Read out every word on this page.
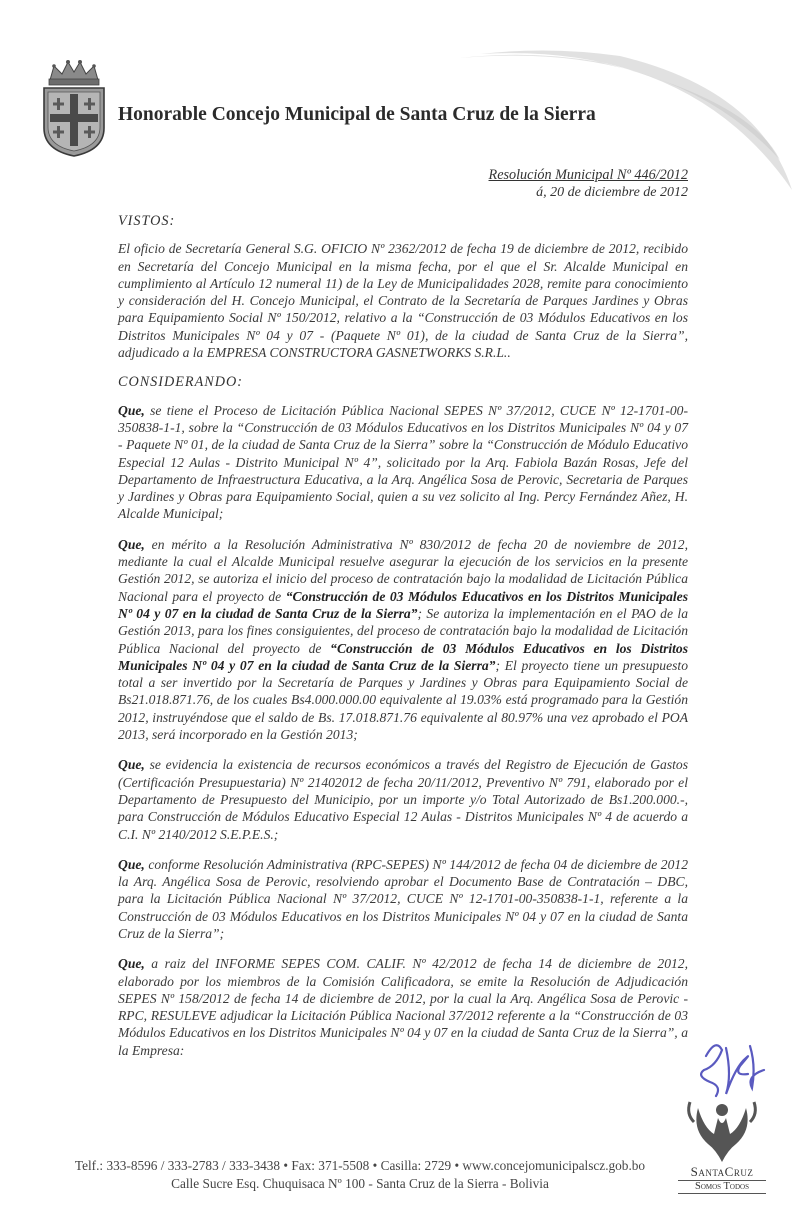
Honorable Concejo Municipal de Santa Cruz de la Sierra
Resolución Municipal Nº 446/2012
á, 20 de diciembre de 2012
VISTOS:

El oficio de Secretaría General S.G. OFICIO Nº 2362/2012 de fecha 19 de diciembre de 2012, recibido en Secretaría del Concejo Municipal en la misma fecha, por el que el Sr. Alcalde Municipal en cumplimiento al Artículo 12 numeral 11) de la Ley de Municipalidades 2028, remite para conocimiento y consideración del H. Concejo Municipal, el Contrato de la Secretaría de Parques Jardines y Obras para Equipamiento Social Nº 150/2012, relativo a la “Construcción de 03 Módulos Educativos en los Distritos Municipales Nº 04 y 07 - (Paquete Nº 01), de la ciudad de Santa Cruz de la Sierra”, adjudicado a la EMPRESA CONSTRUCTORA GASNETWORKS S.R.L..

CONSIDERANDO:

Que, se tiene el Proceso de Licitación Pública Nacional SEPES Nº 37/2012, CUCE Nº 12-1701-00-350838-1-1, sobre la “Construcción de 03 Módulos Educativos en los Distritos Municipales Nº 04 y 07 - Paquete Nº 01, de la ciudad de Santa Cruz de la Sierra” sobre la “Construcción de Módulo Educativo Especial 12 Aulas - Distrito Municipal Nº 4”, solicitado por la Arq. Fabiola Bazán Rosas, Jefe del Departamento de Infraestructura Educativa, a la Arq. Angélica Sosa de Perovic, Secretaria de Parques y Jardines y Obras para Equipamiento Social, quien a su vez solicito al Ing. Percy Fernández Añez, H. Alcalde Municipal;

Que, en mérito a la Resolución Administrativa Nº 830/2012 de fecha 20 de noviembre de 2012, mediante la cual el Alcalde Municipal resuelve asegurar la ejecución de los servicios en la presente Gestión 2012, se autoriza el inicio del proceso de contratación bajo la modalidad de Licitación Pública Nacional para el proyecto de “Construcción de 03 Módulos Educativos en los Distritos Municipales Nº 04 y 07 en la ciudad de Santa Cruz de la Sierra”; Se autoriza la implementación en el PAO de la Gestión 2013, para los fines consiguientes, del proceso de contratación bajo la modalidad de Licitación Pública Nacional del proyecto de “Construcción de 03 Módulos Educativos en los Distritos Municipales Nº 04 y 07 en la ciudad de Santa Cruz de la Sierra”; El proyecto tiene un presupuesto total a ser invertido por la Secretaría de Parques y Jardines y Obras para Equipamiento Social de Bs21.018.871.76, de los cuales Bs4.000.000.00 equivalente al 19.03% está programado para la Gestión 2012, instruyéndose que el saldo de Bs. 17.018.871.76 equivalente al 80.97% una vez aprobado el POA 2013, será incorporado en la Gestión 2013;

Que, se evidencia la existencia de recursos económicos a través del Registro de Ejecución de Gastos (Certificación Presupuestaria) Nº 21402012 de fecha 20/11/2012, Preventivo Nº 791, elaborado por el Departamento de Presupuesto del Municipio, por un importe y/o Total Autorizado de Bs1.200.000.-, para Construcción de Módulos Educativo Especial 12 Aulas - Distritos Municipales Nº 4 de acuerdo a C.I. Nº 2140/2012 S.E.P.E.S.;

Que, conforme Resolución Administrativa (RPC-SEPES) Nº 144/2012 de fecha 04 de diciembre de 2012 la Arq. Angélica Sosa de Perovic, resolviendo aprobar el Documento Base de Contratación – DBC, para la Licitación Pública Nacional Nº 37/2012, CUCE Nº 12-1701-00-350838-1-1, referente a la Construcción de 03 Módulos Educativos en los Distritos Municipales Nº 04 y 07 en la ciudad de Santa Cruz de la Sierra”;

Que, a raiz del INFORME SEPES COM. CALIF. Nº 42/2012 de fecha 14 de diciembre de 2012, elaborado por los miembros de la Comisión Calificadora, se emite la Resolución de Adjudicación SEPES Nº 158/2012 de fecha 14 de diciembre de 2012, por la cual la Arq. Angélica Sosa de Perovic - RPC, RESULEVE adjudicar la Licitación Pública Nacional 37/2012 referente a la “Construcción de 03 Módulos Educativos en los Distritos Municipales Nº 04 y 07 en la ciudad de Santa Cruz de la Sierra”, a la Empresa:

SantaCruz
Somos Todos
Telf.: 333-8596 / 333-2783 / 333-3438 • Fax: 371-5508 • Casilla: 2729 • www.concejomunicipalscz.gob.bo
Calle Sucre Esq. Chuquisaca Nº 100 - Santa Cruz de la Sierra - Bolivia
